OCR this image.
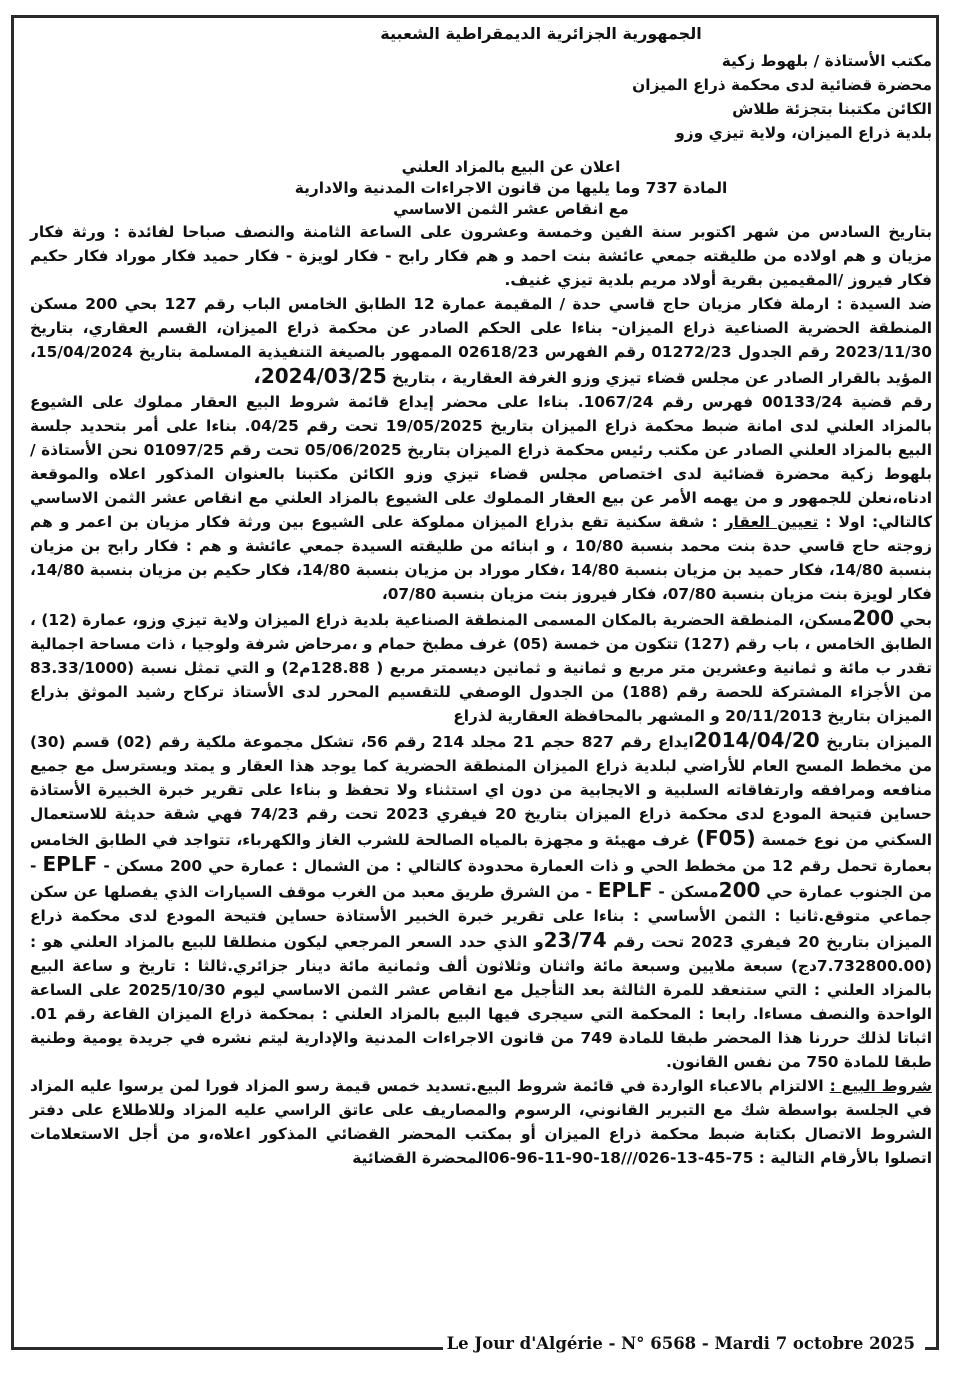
الجمهورية الجزائرية الديمقراطية الشعبية
مكتب الأستاذة / بلهوط زكية
محضرة قضائية لدى محكمة ذراع الميزان
الكائن مكتبنا بتجزئة طلاش
بلدية ذراع الميزان، ولاية تيزي وزو
اعلان عن البيع بالمزاد العلني
المادة 737 وما يليها من قانون الاجراءات المدنية والادارية
مع انقاص عشر الثمن الاساسي

بتاريخ السادس من شهر اكتوبر سنة الفين وخمسة وعشرون على الساعة الثامنة والنصف صباحا لفائدة : ورثة فكار مزيان و هم اولاده من طليقته جمعي عائشة بنت احمد و هم فكار رابح - فكار لويزة - فكار حميد فكار موراد فكار حكيم فكار فيروز /المقيمين بقرية أولاد مريم بلدية تيزي غنيف.

ضد السيدة : ارملة فكار مزيان حاج قاسي حدة / المقيمة عمارة 12 الطابق الخامس الباب رقم 127 بحي 200 مسكن المنطقة الحضرية الصناعية ذراع الميزان- بناءا على الحكم الصادر عن محكمة ذراع الميزان، القسم العقاري، بتاريخ 2023/11/30 رقم الجدول 01272/23 رقم الفهرس 02618/23 الممهور بالصيغة التنفيذية المسلمة بتاريخ 15/04/2024، المؤيد بالقرار الصادر عن مجلس قضاء تيزي وزو الغرفة العقارية ، بتاريخ 2024/03/25،

رقم قضية 00133/24 فهرس رقم 1067/24. بناءا على محضر إيداع قائمة شروط البيع العقار مملوك على الشيوع بالمزاد العلني لدى امانة ضبط محكمة ذراع الميزان بتاريخ 19/05/2025 تحت رقم 04/25. بناءا على أمر بتحديد جلسة البيع بالمزاد العلني الصادر عن مكتب رئيس محكمة ذراع الميزان بتاريخ 05/06/2025 تحت رقم 01097/25 نحن الأستاذة / بلهوط زكية محضرة قضائية لدى اختصاص مجلس قضاء تيزي وزو الكائن مكتبنا بالعنوان المذكور اعلاه والموقعة ادناه،نعلن للجمهور و من يهمه الأمر عن بيع العقار المملوك على الشيوع بالمزاد العلني مع انقاص عشر الثمن الاساسي كالتالي: اولا : تعيين العقار : شقة سكنية تقع بذراع الميزان مملوكة على الشيوع بين ورثة فكار مزيان بن اعمر و هم زوجته حاج قاسي حدة بنت محمد بنسبة 10/80 ، و ابنائه من طليقته السيدة جمعي عائشة و هم : فكار رابح بن مزيان بنسبة 14/80، فكار حميد بن مزيان بنسبة 14/80 ،فكار موراد بن مزيان بنسبة 14/80، فكار حكيم بن مزيان بنسبة 14/80، فكار لويزة بنت مزيان بنسبة 07/80، فكار فيروز بنت مزيان بنسبة 07/80،

بحي 200مسكن، المنطقة الحضرية بالمكان المسمى المنطقة الصناعية بلدية ذراع الميزان ولاية تيزي وزو، عمارة (12) ، الطابق الخامس ، باب رقم (127) تتكون من خمسة (05) غرف مطبخ حمام و ،مرحاض شرفة ولوجيا ، ذات مساحة اجمالية تقدر ب مائة و ثمانية وعشرين متر مربع و ثمانية و ثمانين ديسمتر مربع ( 128.88م2) و التي تمثل نسبة (83.33/1000 من الأجزاء المشتركة للحصة رقم (188) من الجدول الوصفي للتقسيم المحرر لدى الأستاذ تركاح رشيد الموثق بذراع الميزان بتاريخ 20/11/2013 و المشهر بالمحافظة العقارية لذراع

الميزان بتاريخ 2014/04/20ايداع رقم 827 حجم 21 مجلد 214 رقم 56، تشكل مجموعة ملكية رقم (02) قسم (30) من مخطط المسح العام للأراضي لبلدية ذراع الميزان المنطقة الحضرية كما يوجد هذا العقار و يمتد ويسترسل مع جميع منافعه ومرافقه وارتفاقاته السلبية و الايجابية من دون اي استثناء ولا تحفظ و بناءا على تقرير خبرة الخبيرة الأستاذة حساين فتيحة المودع لدى محكمة ذراع الميزان بتاريخ 20 فيفري 2023 تحت رقم 74/23 فهي شقة حديثة للاستعمال السكني من نوع خمسة (F05) غرف مهيئة و مجهزة بالمياه الصالحة للشرب الغاز والكهرباء، تتواجد في الطابق الخامس بعمارة تحمل رقم 12 من مخطط الحي و ذات العمارة محدودة كالتالي : من الشمال : عمارة حي 200 مسكن - EPLF - من الجنوب عمارة حي 200مسكن - EPLF - من الشرق طريق معبد من الغرب موقف السيارات الذي يفصلها عن سكن جماعي متوقع.ثانيا : الثمن الأساسي : بناءا على تقرير خبرة الخبير الأستاذة حساين فتيحة المودع لدى محكمة ذراع الميزان بتاريخ 20 فيفري 2023 تحت رقم 23/74و الذي حدد السعر المرجعي ليكون منطلقا للبيع بالمزاد العلني هو : (7.732800.00دج) سبعة ملايين وسبعة مائة واثنان وثلاثون ألف وثمانية مائة دينار جزائري.ثالثا : تاريخ و ساعة البيع بالمزاد العلني : التي ستنعقد للمرة الثالثة بعد التأجيل مع انقاص عشر الثمن الاساسي ليوم 2025/10/30 على الساعة الواحدة والنصف مساءا. رابعا : المحكمة التي سيجرى فيها البيع بالمزاد العلني : بمحكمة ذراع الميزان القاعة رقم 01. اثباتا لذلك حررنا هذا المحضر طبقا للمادة 749 من قانون الاجراءات المدنية والإدارية ليتم نشره في جريدة يومية وطنية طبقا للمادة 750 من نفس القانون.

شروط البيع : الالتزام بالاعباء الواردة في قائمة شروط البيع.تسديد خمس قيمة رسو المزاد فورا لمن يرسوا عليه المزاد في الجلسة بواسطة شك مع التبرير القانوني، الرسوم والمصاريف على عاتق الراسي عليه المزاد وللاطلاع على دفتر الشروط الاتصال بكتابة ضبط محكمة ذراع الميزان أو بمكتب المحضر القضائي المذكور اعلاه،و من أجل الاستعلامات اتصلوا بالأرقام التالية : 75-45-13-026///18-90-11-96-06المحضرة القضائية

Le Jour d'Algérie - N° 6568 - Mardi 7 octobre 2025
